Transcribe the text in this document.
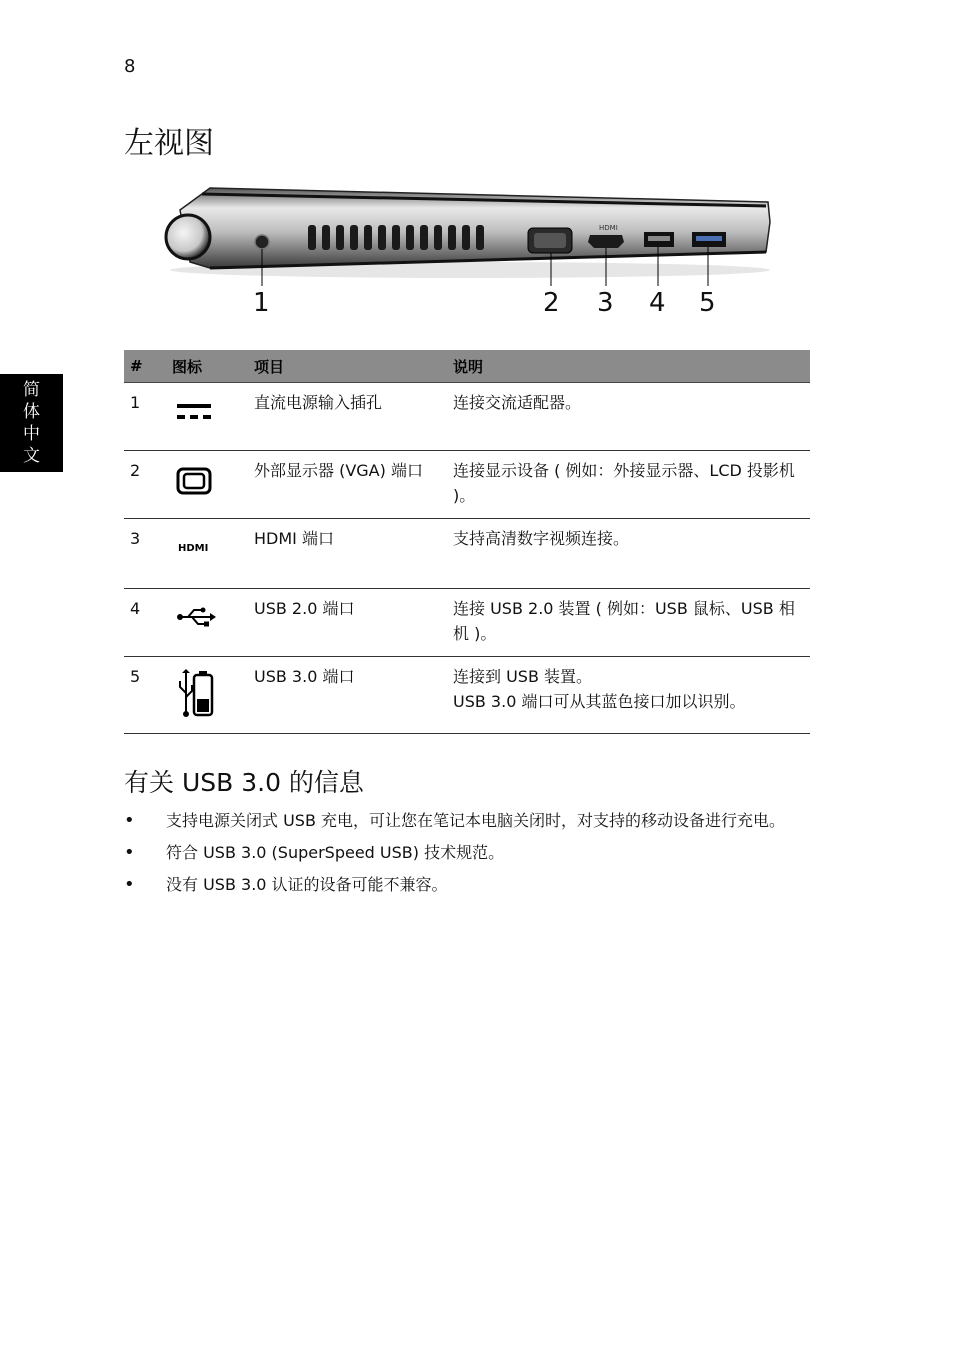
8
简体中文
左视图
HDMI
1	2 3 4 5
#	图标	项目	说明
1		直流电源输入插孔	连接交流适配器。
2		外部显示器 (VGA) 端口	连接显示设备 ( 例如：外接显示器、LCD 投影机 )。
3	HDMI	HDMI 端口	支持高清数字视频连接。
4		USB 2.0 端口	连接 USB 2.0 装置 ( 例如：USB 鼠标、USB 相机 )。
5		USB 3.0 端口	连接到 USB 装置。
USB 3.0 端口可从其蓝色接口加以识别。
有关 USB 3.0 的信息
• 支持电源关闭式 USB 充电，可让您在笔记本电脑关闭时，对支持的移动设备进行充电。
• 符合 USB 3.0 (SuperSpeed USB) 技术规范。
• 没有 USB 3.0 认证的设备可能不兼容。
